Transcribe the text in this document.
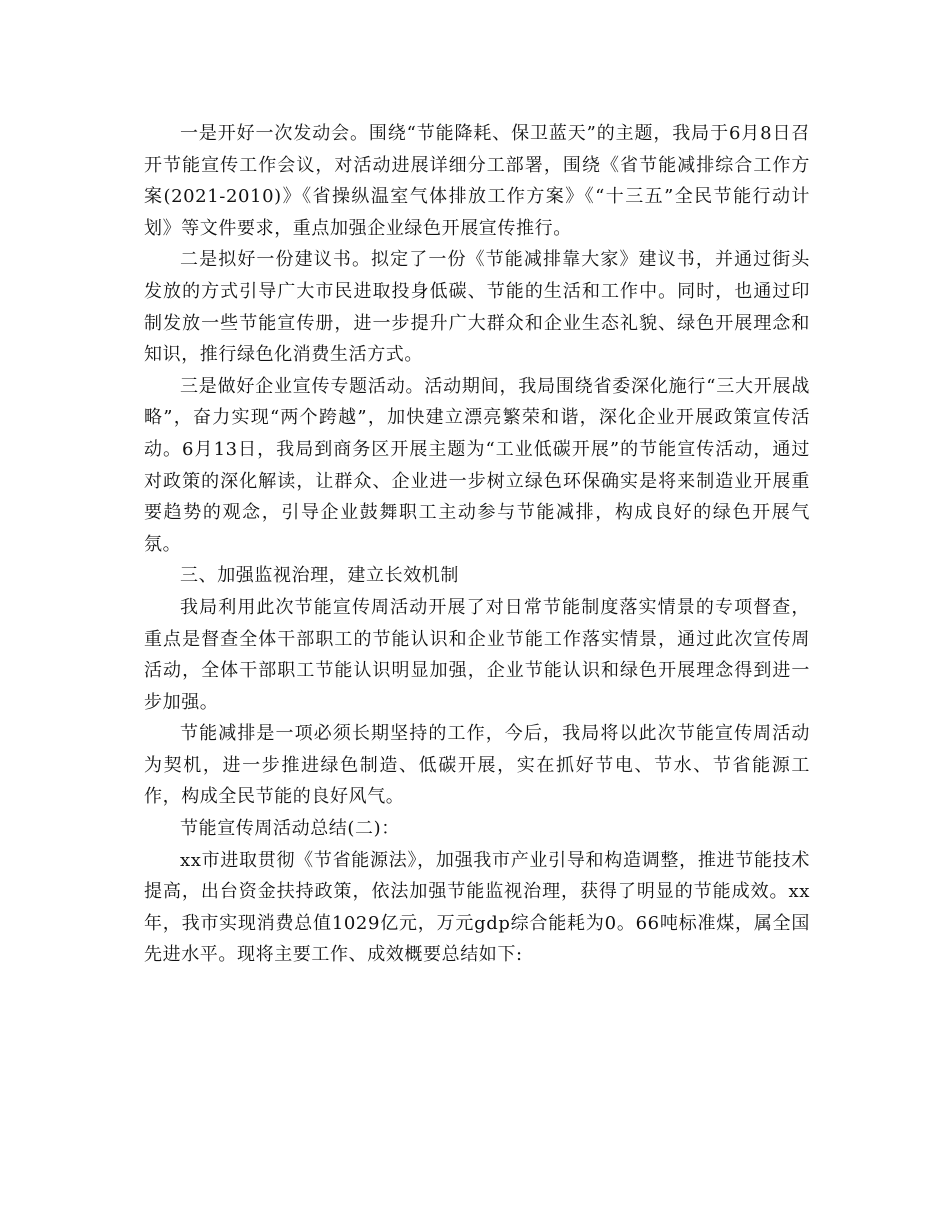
一是开好一次发动会。围绕“节能降耗、保卫蓝天”的主题，我局于6月8日召开节能宣传工作会议，对活动进展详细分工部署，围绕《省节能减排综合工作方案(2021-2010)》《省操纵温室气体排放工作方案》《“十三五”全民节能行动计划》等文件要求，重点加强企业绿色开展宣传推行。

二是拟好一份建议书。拟定了一份《节能减排靠大家》建议书，并通过街头发放的方式引导广大市民进取投身低碳、节能的生活和工作中。同时，也通过印制发放一些节能宣传册，进一步提升广大群众和企业生态礼貌、绿色开展理念和知识，推行绿色化消费生活方式。

三是做好企业宣传专题活动。活动期间，我局围绕省委深化施行“三大开展战略”，奋力实现“两个跨越”，加快建立漂亮繁荣和谐，深化企业开展政策宣传活动。6月13日，我局到商务区开展主题为“工业低碳开展”的节能宣传活动，通过对政策的深化解读，让群众、企业进一步树立绿色环保确实是将来制造业开展重要趋势的观念，引导企业鼓舞职工主动参与节能减排，构成良好的绿色开展气氛。

三、加强监视治理，建立长效机制

我局利用此次节能宣传周活动开展了对日常节能制度落实情景的专项督查，重点是督查全体干部职工的节能认识和企业节能工作落实情景，通过此次宣传周活动，全体干部职工节能认识明显加强，企业节能认识和绿色开展理念得到进一步加强。

节能减排是一项必须长期坚持的工作，今后，我局将以此次节能宣传周活动为契机，进一步推进绿色制造、低碳开展，实在抓好节电、节水、节省能源工作，构成全民节能的良好风气。

节能宣传周活动总结(二)：

xx市进取贯彻《节省能源法》，加强我市产业引导和构造调整，推进节能技术提高，出台资金扶持政策，依法加强节能监视治理，获得了明显的节能成效。xx年，我市实现消费总值1029亿元，万元gdp综合能耗为0。66吨标准煤，属全国先进水平。现将主要工作、成效概要总结如下:
